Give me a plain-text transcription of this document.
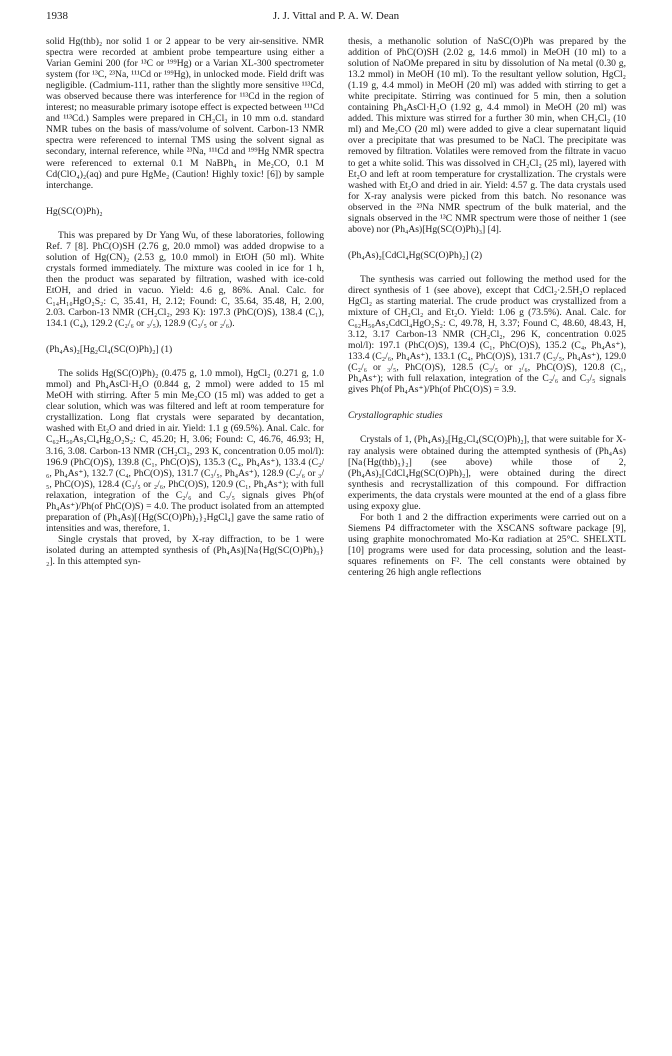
1938	J. J. Vittal and P. A. W. Dean

solid Hg(thb)₂ nor solid 1 or 2 appear to be very air-sensitive. NMR spectra were recorded at ambient probe tempearture using either a Varian Gemini 200 (for ¹³C or ¹⁹⁹Hg) or a Varian XL-300 spectrometer system (for ¹³C, ²³Na, ¹¹¹Cd or ¹⁹⁹Hg), in unlocked mode. Field drift was negligible. (Cadmium-111, rather than the slightly more sensitive ¹¹³Cd, was observed because there was interference for ¹¹³Cd in the region of interest; no measurable primary isotope effect is expected between ¹¹¹Cd and ¹¹³Cd.) Samples were prepared in CH₂Cl₂ in 10 mm o.d. standard NMR tubes on the basis of mass/volume of solvent. Carbon-13 NMR spectra were referenced to internal TMS using the solvent signal as secondary, internal reference, while ²³Na, ¹¹¹Cd and ¹⁹⁹Hg NMR spectra were referenced to external 0.1 M NaBPh₄ in Me₂CO, 0.1 M Cd(ClO₄)₂(aq) and pure HgMe₂ (Caution! Highly toxic! [6]) by sample interchange.

Hg(SC(O)Ph)₂

This was prepared by Dr Yang Wu, of these laboratories, following Ref. 7 [8]. PhC(O)SH (2.76 g, 20.0 mmol) was added dropwise to a solution of Hg(CN)₂ (2.53 g, 10.0 mmol) in EtOH (50 ml). White crystals formed immediately. The mixture was cooled in ice for 1 h, then the product was separated by filtration, washed with ice-cold EtOH, and dried in vacuo. Yield: 4.6 g, 86%. Anal. Calc. for C₁₄H₁₀HgO₂S₂: C, 35.41, H, 2.12; Found: C, 35.64, 35.48, H, 2.00, 2.03. Carbon-13 NMR (CH₂Cl₂, 293 K): 197.3 (PhC(O)S), 138.4 (C₁), 134.1 (C₄), 129.2 (C₂/₆ or ₃/₅), 128.9 (C₃/₅ or ₂/₆).

(Ph₄As)₂[Hg₂Cl₄(SC(O)Ph)₂] (1)

The solids Hg(SC(O)Ph)₂ (0.475 g, 1.0 mmol), HgCl₂ (0.271 g, 1.0 mmol) and Ph₄AsCl·H₂O (0.844 g, 2 mmol) were added to 15 ml MeOH with stirring. After 5 min Me₂CO (15 ml) was added to get a clear solution, which was was filtered and left at room temperature for crystallization. Long flat crystals were separated by decantation, washed with Et₂O and dried in air. Yield: 1.1 g (69.5%). Anal. Calc. for C₆₂H₅₀As₂Cl₄Hg₂O₂S₂: C, 45.20; H, 3.06; Found: C, 46.76, 46.93; H, 3.16, 3.08. Carbon-13 NMR (CH₂Cl₂, 293 K, concentration 0.05 mol/l): 196.9 (PhC(O)S), 139.8 (C₁, PhC(O)S), 135.3 (C₄, Ph₄As⁺), 133.4 (C₂/₆, Ph₄As⁺), 132.7 (C₄, PhC(O)S), 131.7 (C₃/₅, Ph₄As⁺), 128.9 (C₂/₆ or ₃/₅, PhC(O)S), 128.4 (C₃/₅ or ₂/₆, PhC(O)S), 120.9 (C₁, Ph₄As⁺); with full relaxation, integration of the C₂/₆ and C₃/₅ signals gives Ph(of Ph₄As⁺)/Ph(of PhC(O)S) = 4.0. The product isolated from an attempted preparation of (Ph₄As)[{Hg(SC(O)Ph)₂}₂HgCl₄] gave the same ratio of intensities and was, therefore, 1.

Single crystals that proved, by X-ray diffraction, to be 1 were isolated during an attempted synthesis of (Ph₄As)[Na{Hg(SC(O)Ph)₃}₂]. In this attempted syn-

thesis, a methanolic solution of NaSC(O)Ph was prepared by the addition of PhC(O)SH (2.02 g, 14.6 mmol) in MeOH (10 ml) to a solution of NaOMe prepared in situ by dissolution of Na metal (0.30 g, 13.2 mmol) in MeOH (10 ml). To the resultant yellow solution, HgCl₂ (1.19 g, 4.4 mmol) in MeOH (20 ml) was added with stirring to get a white precipitate. Stirring was continued for 5 min, then a solution containing Ph₄AsCl·H₂O (1.92 g, 4.4 mmol) in MeOH (20 ml) was added. This mixture was stirred for a further 30 min, when CH₂Cl₂ (10 ml) and Me₂CO (20 ml) were added to give a clear supernatant liquid over a precipitate that was presumed to be NaCl. The precipitate was removed by filtration. Volatiles were removed from the filtrate in vacuo to get a white solid. This was dissolved in CH₂Cl₂ (25 ml), layered with Et₂O and left at room temperature for crystallization. The crystals were washed with Et₂O and dried in air. Yield: 4.57 g. The data crystals used for X-ray analysis were picked from this batch. No resonance was observed in the ²³Na NMR spectrum of the bulk material, and the signals observed in the ¹³C NMR spectrum were those of neither 1 (see above) nor (Ph₄As)[Hg(SC(O)Ph)₃] [4].

(Ph₄As)₂[CdCl₄Hg(SC(O)Ph)₂] (2)

The synthesis was carried out following the method used for the direct synthesis of 1 (see above), except that CdCl₂·2.5H₂O replaced HgCl₂ as starting material. The crude product was crystallized from a mixture of CH₂Cl₂ and Et₂O. Yield: 1.06 g (73.5%). Anal. Calc. for C₆₂H₅₀As₂CdCl₄HgO₂S₂: C, 49.78, H, 3.37; Found C, 48.60, 48.43, H, 3.12, 3.17 Carbon-13 NMR (CH₂Cl₂, 296 K, concentration 0.025 mol/l): 197.1 (PhC(O)S), 139.4 (C₁, PhC(O)S), 135.2 (C₄, Ph₄As⁺), 133.4 (C₂/₆, Ph₄As⁺), 133.1 (C₄, PhC(O)S), 131.7 (C₃/₅, Ph₄As⁺), 129.0 (C₂/₆ or ₃/₅, PhC(O)S), 128.5 (C₃/₅ or ₂/₆, PhC(O)S), 120.8 (C₁, Ph₄As⁺); with full relaxation, integration of the C₂/₆ and C₃/₅ signals gives Ph(of Ph₄As⁺)/Ph(of PhC(O)S) = 3.9.

Crystallographic studies

Crystals of 1, (Ph₄As)₂[Hg₂Cl₄(SC(O)Ph)₂], that were suitable for X-ray analysis were obtained during the attempted synthesis of (Ph₄As)[Na{Hg(thb)₃}₂] (see above) while those of 2, (Ph₄As)₂[CdCl₄Hg(SC(O)Ph)₂], were obtained during the direct synthesis and recrystallization of this compound. For diffraction experiments, the data crystals were mounted at the end of a glass fibre using expoxy glue.

For both 1 and 2 the diffraction experiments were carried out on a Siemens P4 diffractometer with the XSCANS software package [9], using graphite monochromated Mo-Kα radiation at 25°C. SHELXTL [10] programs were used for data processing, solution and the least-squares refinements on F². The cell constants were obtained by centering 26 high angle reflections
